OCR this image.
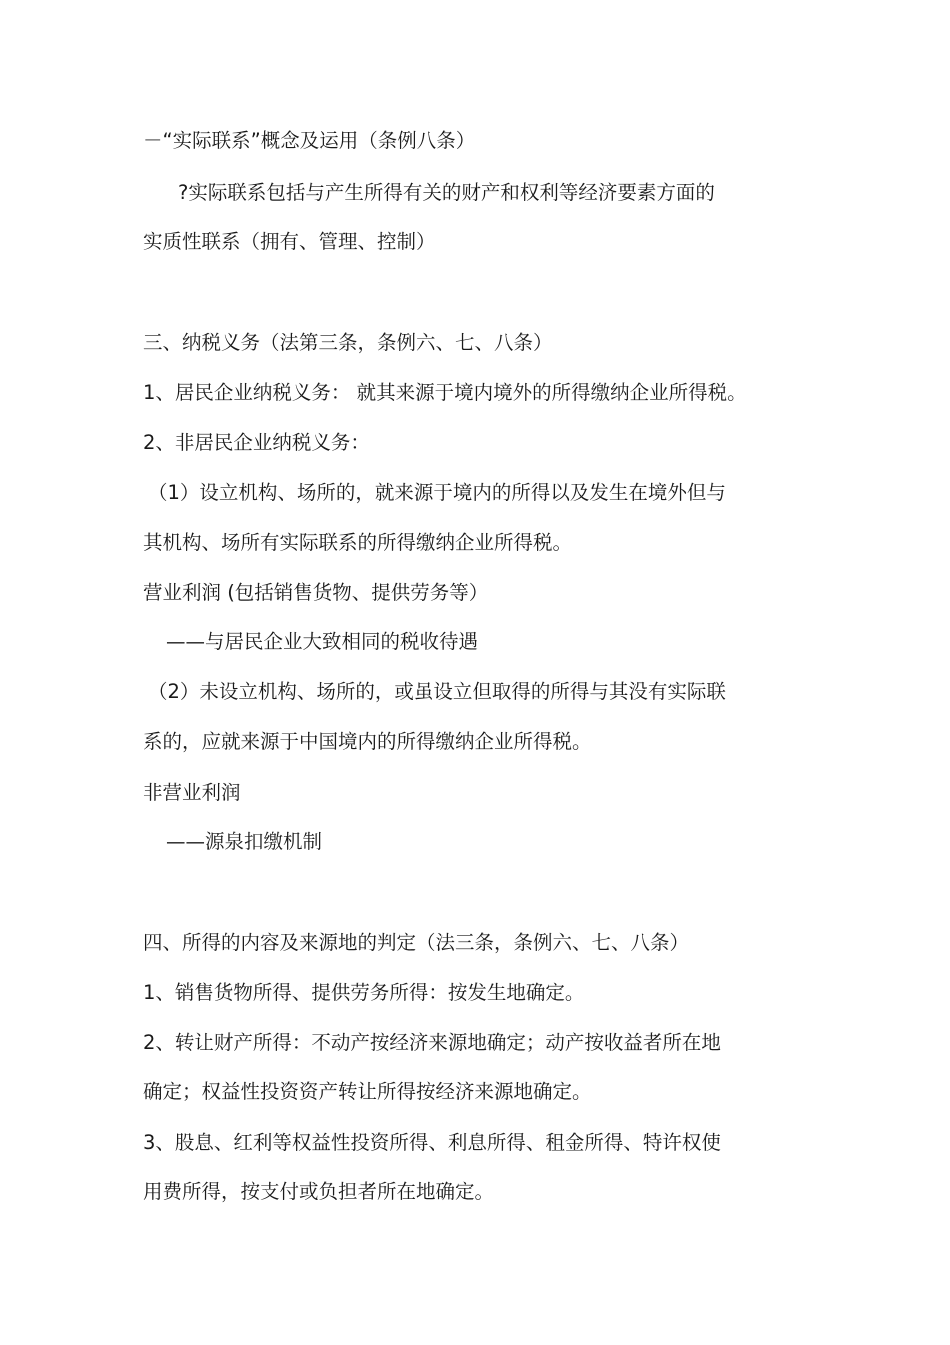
－“实际联系”概念及运用（条例八条）
?实际联系包括与产生所得有关的财产和权利等经济要素方面的
实质性联系（拥有、管理、控制）
三、纳税义务（法第三条，条例六、七、八条）
1、居民企业纳税义务： 就其来源于境内境外的所得缴纳企业所得税。
2、非居民企业纳税义务：
（1）设立机构、场所的，就来源于境内的所得以及发生在境外但与
其机构、场所有实际联系的所得缴纳企业所得税。
营业利润 (包括销售货物、提供劳务等）
——与居民企业大致相同的税收待遇
（2）未设立机构、场所的，或虽设立但取得的所得与其没有实际联
系的，应就来源于中国境内的所得缴纳企业所得税。
非营业利润
——源泉扣缴机制
四、所得的内容及来源地的判定（法三条，条例六、七、八条）
1、销售货物所得、提供劳务所得：按发生地确定。
2、转让财产所得：不动产按经济来源地确定；动产按收益者所在地
确定；权益性投资资产转让所得按经济来源地确定。
3、股息、红利等权益性投资所得、利息所得、租金所得、特许权使
用费所得，按支付或负担者所在地确定。
